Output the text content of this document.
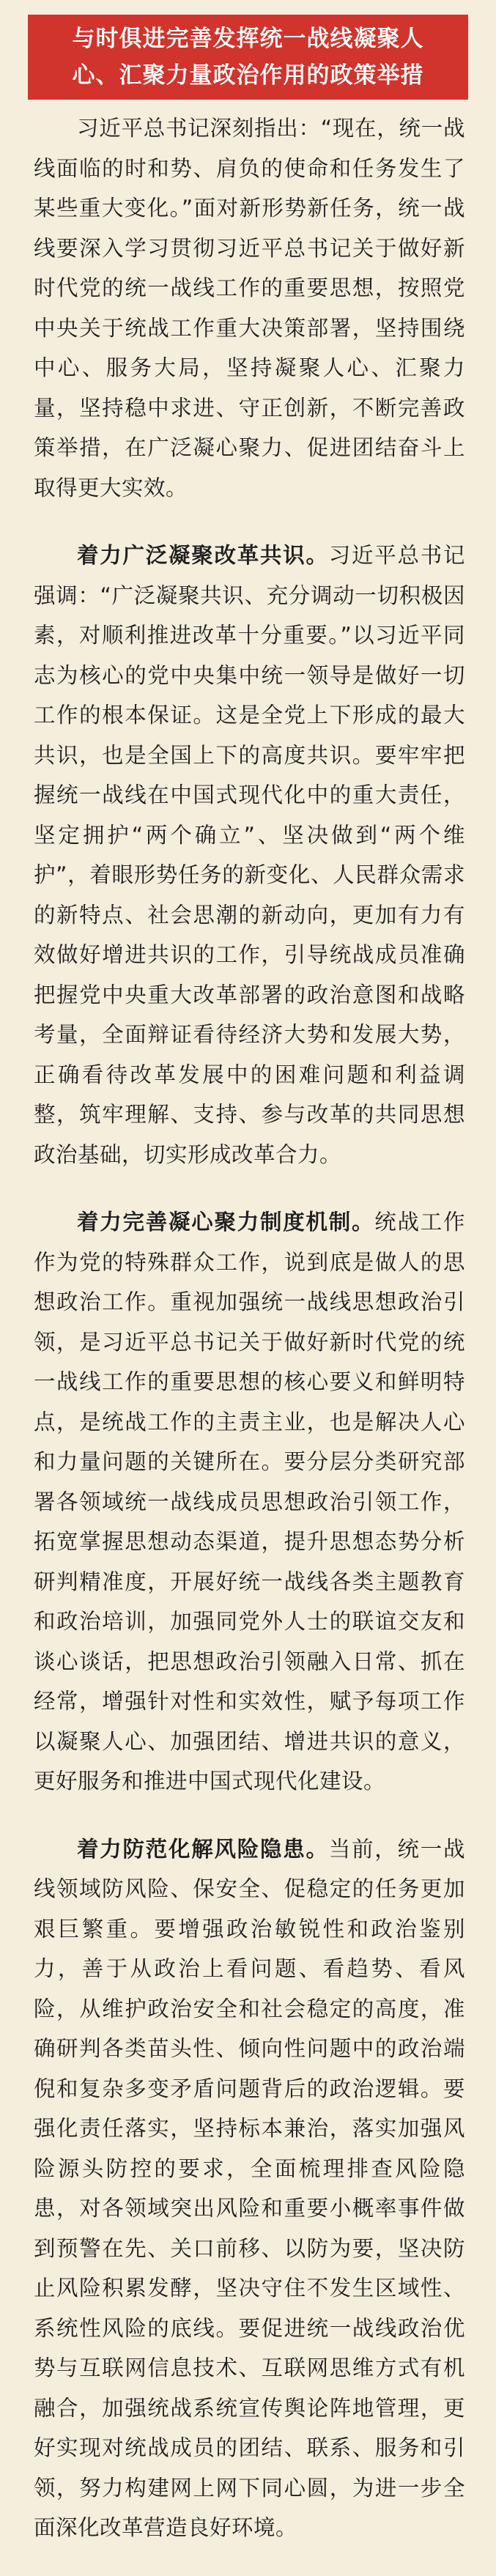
与时俱进完善发挥统一战线凝聚人心、汇聚力量政治作用的政策举措

习近平总书记深刻指出：“现在，统一战线面临的时和势、肩负的使命和任务发生了某些重大变化。”面对新形势新任务，统一战线要深入学习贯彻习近平总书记关于做好新时代党的统一战线工作的重要思想，按照党中央关于统战工作重大决策部署，坚持围绕中心、服务大局，坚持凝聚人心、汇聚力量，坚持稳中求进、守正创新，不断完善政策举措，在广泛凝心聚力、促进团结奋斗上取得更大实效。

着力广泛凝聚改革共识。习近平总书记强调：“广泛凝聚共识、充分调动一切积极因素，对顺利推进改革十分重要。”以习近平同志为核心的党中央集中统一领导是做好一切工作的根本保证。这是全党上下形成的最大共识，也是全国上下的高度共识。要牢牢把握统一战线在中国式现代化中的重大责任，坚定拥护“两个确立”、坚决做到“两个维护”，着眼形势任务的新变化、人民群众需求的新特点、社会思潮的新动向，更加有力有效做好增进共识的工作，引导统战成员准确把握党中央重大改革部署的政治意图和战略考量，全面辩证看待经济大势和发展大势，正确看待改革发展中的困难问题和利益调整，筑牢理解、支持、参与改革的共同思想政治基础，切实形成改革合力。

着力完善凝心聚力制度机制。统战工作作为党的特殊群众工作，说到底是做人的思想政治工作。重视加强统一战线思想政治引领，是习近平总书记关于做好新时代党的统一战线工作的重要思想的核心要义和鲜明特点，是统战工作的主责主业，也是解决人心和力量问题的关键所在。要分层分类研究部署各领域统一战线成员思想政治引领工作，拓宽掌握思想动态渠道，提升思想态势分析研判精准度，开展好统一战线各类主题教育和政治培训，加强同党外人士的联谊交友和谈心谈话，把思想政治引领融入日常、抓在经常，增强针对性和实效性，赋予每项工作以凝聚人心、加强团结、增进共识的意义，更好服务和推进中国式现代化建设。

着力防范化解风险隐患。当前，统一战线领域防风险、保安全、促稳定的任务更加艰巨繁重。要增强政治敏锐性和政治鉴别力，善于从政治上看问题、看趋势、看风险，从维护政治安全和社会稳定的高度，准确研判各类苗头性、倾向性问题中的政治端倪和复杂多变矛盾问题背后的政治逻辑。要强化责任落实，坚持标本兼治，落实加强风险源头防控的要求，全面梳理排查风险隐患，对各领域突出风险和重要小概率事件做到预警在先、关口前移、以防为要，坚决防止风险积累发酵，坚决守住不发生区域性、系统性风险的底线。要促进统一战线政治优势与互联网信息技术、互联网思维方式有机融合，加强统战系统宣传舆论阵地管理，更好实现对统战成员的团结、联系、服务和引领，努力构建网上网下同心圆，为进一步全面深化改革营造良好环境。
